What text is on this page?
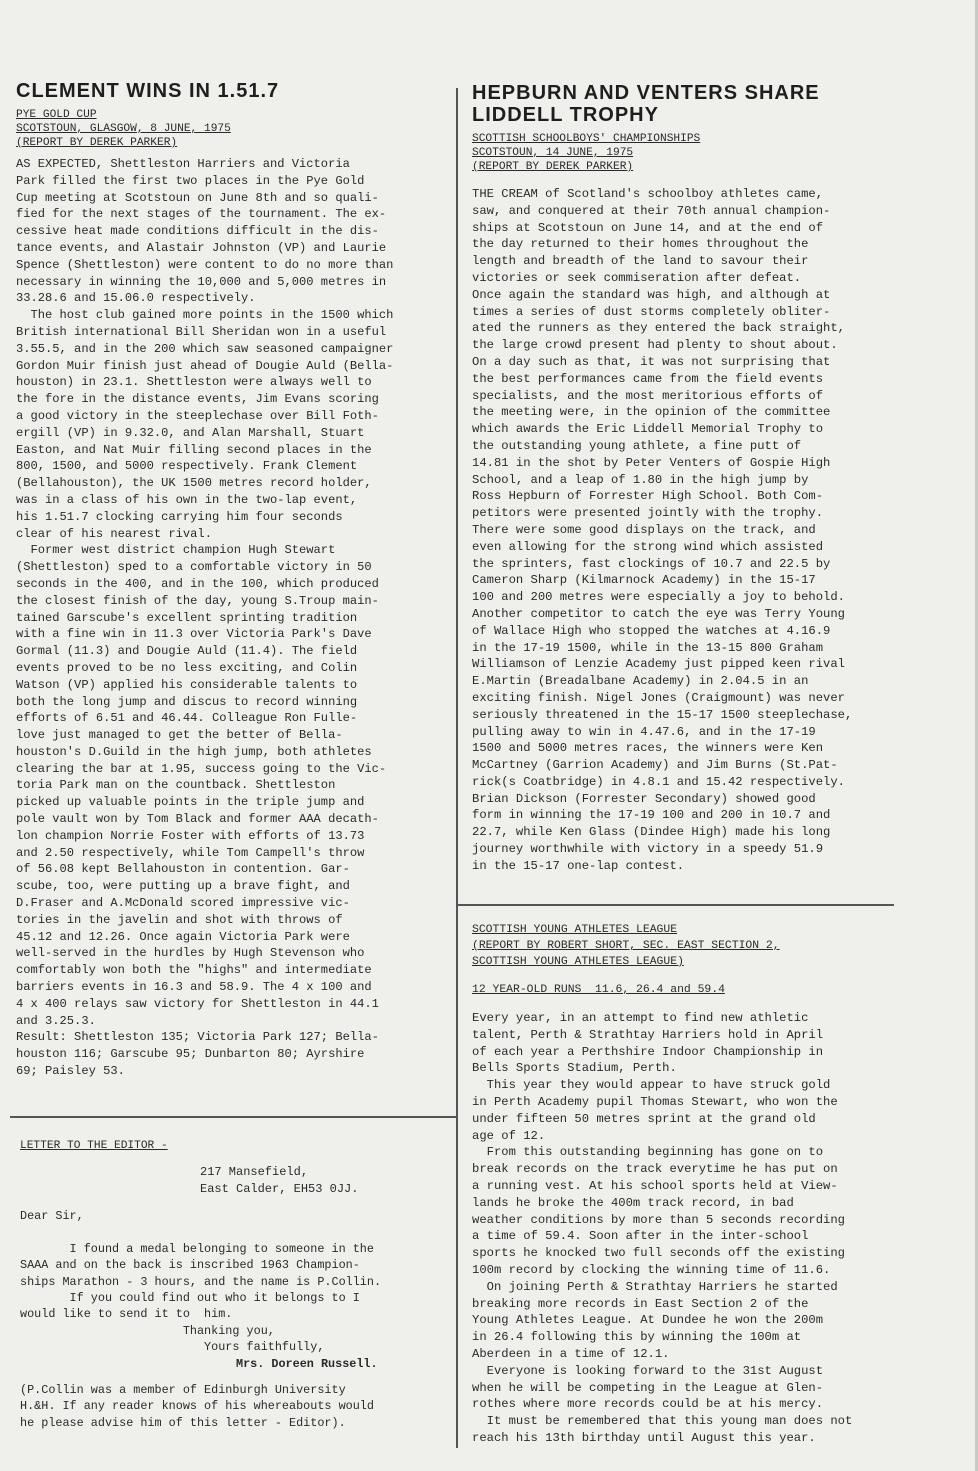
CLEMENT WINS IN 1.51.7

PYE GOLD CUP
SCOTSTOUN, GLASGOW, 8 JUNE, 1975
(REPORT BY DEREK PARKER)

AS EXPECTED, Shettleston Harriers and Victoria
Park filled the first two places in the Pye Gold
Cup meeting at Scotstoun on June 8th and so quali-
fied for the next stages of the tournament. The ex-
cessive heat made conditions difficult in the dis-
tance events, and Alastair Johnston (VP) and Laurie
Spence (Shettleston) were content to do no more than
necessary in winning the 10,000 and 5,000 metres in
33.28.6 and 15.06.0 respectively.
The host club gained more points in the 1500 which
British international Bill Sheridan won in a useful
3.55.5, and in the 200 which saw seasoned campaigner
Gordon Muir finish just ahead of Dougie Auld (Bella-
houston) in 23.1. Shettleston were always well to
the fore in the distance events, Jim Evans scoring
a good victory in the steeplechase over Bill Foth-
ergill (VP) in 9.32.0, and Alan Marshall, Stuart
Easton, and Nat Muir filling second places in the
800, 1500, and 5000 respectively. Frank Clement
(Bellahouston), the UK 1500 metres record holder,
was in a class of his own in the two-lap event,
his 1.51.7 clocking carrying him four seconds
clear of his nearest rival.
Former west district champion Hugh Stewart
(Shettleston) sped to a comfortable victory in 50
seconds in the 400, and in the 100, which produced
the closest finish of the day, young S.Troup main-
tained Garscube's excellent sprinting tradition
with a fine win in 11.3 over Victoria Park's Dave
Gormal (11.3) and Dougie Auld (11.4). The field
events proved to be no less exciting, and Colin
Watson (VP) applied his considerable talents to
both the long jump and discus to record winning
efforts of 6.51 and 46.44. Colleague Ron Fulle-
love just managed to get the better of Bella-
houston's D.Guild in the high jump, both athletes
clearing the bar at 1.95, success going to the Vic-
toria Park man on the countback. Shettleston
picked up valuable points in the triple jump and
pole vault won by Tom Black and former AAA decath-
lon champion Norrie Foster with efforts of 13.73
and 2.50 respectively, while Tom Campell's throw
of 56.08 kept Bellahouston in contention. Gar-
scube, too, were putting up a brave fight, and
D.Fraser and A.McDonald scored impressive vic-
tories in the javelin and shot with throws of
45.12 and 12.26. Once again Victoria Park were
well-served in the hurdles by Hugh Stevenson who
comfortably won both the "highs" and intermediate
barriers events in 16.3 and 58.9. The 4 x 100 and
4 x 400 relays saw victory for Shettleston in 44.1
and 3.25.3.
Result: Shettleston 135; Victoria Park 127; Bella-
houston 116; Garscube 95; Dunbarton 80; Ayrshire
69; Paisley 53.

LETTER TO THE EDITOR -

217 Mansefield,
East Calder, EH53 0JJ.

Dear Sir,

I found a medal belonging to someone in the
SAAA and on the back is inscribed 1963 Champion-
ships Marathon - 3 hours, and the name is P.Collin.
If you could find out who it belongs to I
would like to send it to  him.
Thanking you,
Yours faithfully,

Mrs. Doreen Russell.

(P.Collin was a member of Edinburgh University
H.&H. If any reader knows of his whereabouts would
he please advise him of this letter - Editor).

HEPBURN AND VENTERS SHARE
LIDDELL TROPHY

SCOTTISH SCHOOLBOYS' CHAMPIONSHIPS
SCOTSTOUN, 14 JUNE, 1975
(REPORT BY DEREK PARKER)

THE CREAM of Scotland's schoolboy athletes came,
saw, and conquered at their 70th annual champion-
ships at Scotstoun on June 14, and at the end of
the day returned to their homes throughout the
length and breadth of the land to savour their
victories or seek commiseration after defeat.
Once again the standard was high, and although at
times a series of dust storms completely obliter-
ated the runners as they entered the back straight,
the large crowd present had plenty to shout about.
On a day such as that, it was not surprising that
the best performances came from the field events
specialists, and the most meritorious efforts of
the meeting were, in the opinion of the committee
which awards the Eric Liddell Memorial Trophy to
the outstanding young athlete, a fine putt of
14.81 in the shot by Peter Venters of Gospie High
School, and a leap of 1.80 in the high jump by
Ross Hepburn of Forrester High School. Both Com-
petitors were presented jointly with the trophy.
There were some good displays on the track, and
even allowing for the strong wind which assisted
the sprinters, fast clockings of 10.7 and 22.5 by
Cameron Sharp (Kilmarnock Academy) in the 15-17
100 and 200 metres were especially a joy to behold.
Another competitor to catch the eye was Terry Young
of Wallace High who stopped the watches at 4.16.9
in the 17-19 1500, while in the 13-15 800 Graham
Williamson of Lenzie Academy just pipped keen rival
E.Martin (Breadalbane Academy) in 2.04.5 in an
exciting finish. Nigel Jones (Craigmount) was never
seriously threatened in the 15-17 1500 steeplechase,
pulling away to win in 4.47.6, and in the 17-19
1500 and 5000 metres races, the winners were Ken
McCartney (Garrion Academy) and Jim Burns (St.Pat-
rick(s Coatbridge) in 4.8.1 and 15.42 respectively.
Brian Dickson (Forrester Secondary) showed good
form in winning the 17-19 100 and 200 in 10.7 and
22.7, while Ken Glass (Dindee High) made his long
journey worthwhile with victory in a speedy 51.9
in the 15-17 one-lap contest.

SCOTTISH YOUNG ATHLETES LEAGUE
(REPORT BY ROBERT SHORT, SEC. EAST SECTION 2,
SCOTTISH YOUNG ATHLETES LEAGUE)

12 YEAR-OLD RUNS  11.6, 26.4 and 59.4

Every year, in an attempt to find new athletic
talent, Perth & Strathtay Harriers hold in April
of each year a Perthshire Indoor Championship in
Bells Sports Stadium, Perth.
This year they would appear to have struck gold
in Perth Academy pupil Thomas Stewart, who won the
under fifteen 50 metres sprint at the grand old
age of 12.
From this outstanding beginning has gone on to
break records on the track everytime he has put on
a running vest. At his school sports held at View-
lands he broke the 400m track record, in bad
weather conditions by more than 5 seconds recording
a time of 59.4. Soon after in the inter-school
sports he knocked two full seconds off the existing
100m record by clocking the winning time of 11.6.
On joining Perth & Strathtay Harriers he started
breaking more records in East Section 2 of the
Young Athletes League. At Dundee he won the 200m
in 26.4 following this by winning the 100m at
Aberdeen in a time of 12.1.
Everyone is looking forward to the 31st August
when he will be competing in the League at Glen-
rothes where more records could be at his mercy.
It must be remembered that this young man does not
reach his 13th birthday until August this year.
